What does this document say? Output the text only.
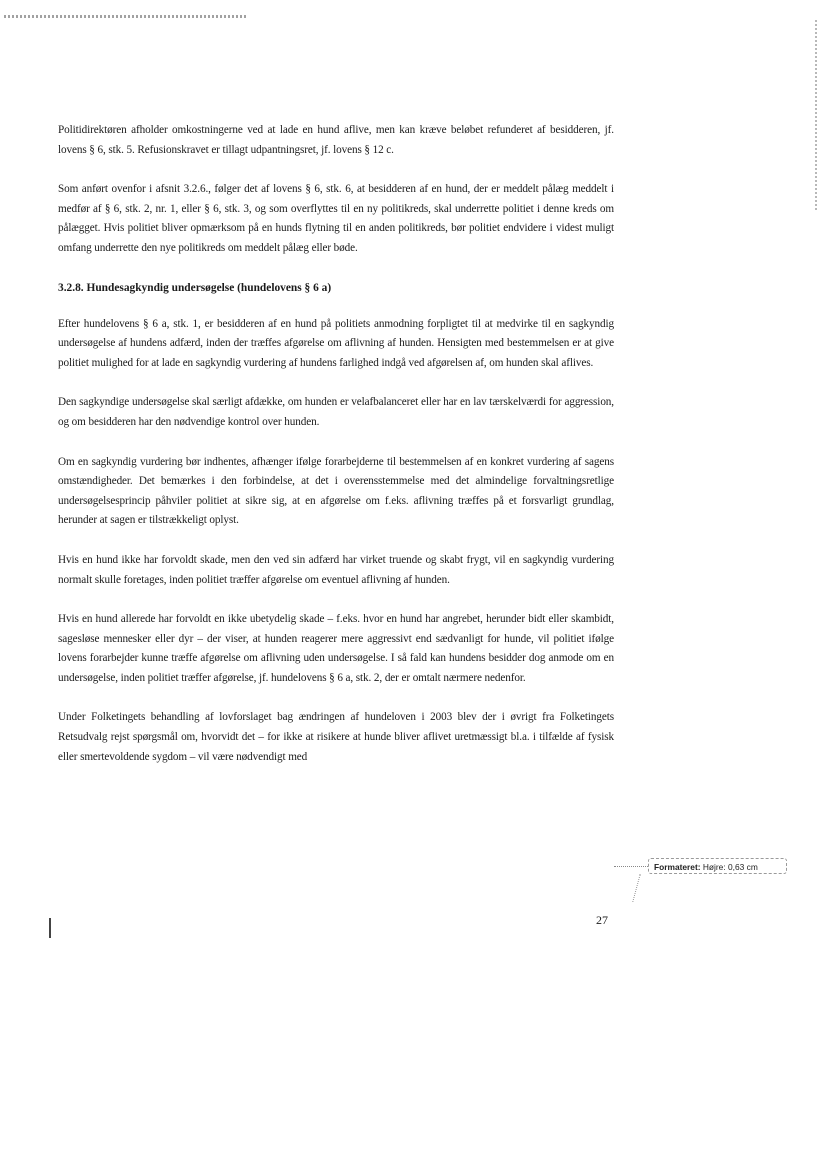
Politidirektøren afholder omkostningerne ved at lade en hund aflive, men kan kræve beløbet refunderet af besidderen, jf. lovens § 6, stk. 5. Refusionskravet er tillagt udpantningsret, jf. lovens § 12 c.

Som anført ovenfor i afsnit 3.2.6., følger det af lovens § 6, stk. 6, at besidderen af en hund, der er meddelt pålæg meddelt i medfør af § 6, stk. 2, nr. 1, eller § 6, stk. 3, og som overflyttes til en ny politikreds, skal underrette politiet i denne kreds om pålægget. Hvis politiet bliver opmærksom på en hunds flytning til en anden politikreds, bør politiet endvidere i videst muligt omfang underrette den nye politikreds om meddelt pålæg eller bøde.

3.2.8. Hundesagkyndig undersøgelse (hundelovens § 6 a)

Efter hundelovens § 6 a, stk. 1, er besidderen af en hund på politiets anmodning forpligtet til at medvirke til en sagkyndig undersøgelse af hundens adfærd, inden der træffes afgørelse om aflivning af hunden. Hensigten med bestemmelsen er at give politiet mulighed for at lade en sagkyndig vurdering af hundens farlighed indgå ved afgørelsen af, om hunden skal aflives.

Den sagkyndige undersøgelse skal særligt afdække, om hunden er velafbalanceret eller har en lav tærskelværdi for aggression, og om besidderen har den nødvendige kontrol over hunden.

Om en sagkyndig vurdering bør indhentes, afhænger ifølge forarbejderne til bestemmelsen af en konkret vurdering af sagens omstændigheder. Det bemærkes i den forbindelse, at det i overensstemmelse med det almindelige forvaltningsretlige undersøgelsesprincip påhviler politiet at sikre sig, at en afgørelse om f.eks. aflivning træffes på et forsvarligt grundlag, herunder at sagen er tilstrækkeligt oplyst.

Hvis en hund ikke har forvoldt skade, men den ved sin adfærd har virket truende og skabt frygt, vil en sagkyndig vurdering normalt skulle foretages, inden politiet træffer afgørelse om eventuel aflivning af hunden.

Hvis en hund allerede har forvoldt en ikke ubetydelig skade – f.eks. hvor en hund har angrebet, herunder bidt eller skambidt, sagesløse mennesker eller dyr – der viser, at hunden reagerer mere aggressivt end sædvanligt for hunde, vil politiet ifølge lovens forarbejder kunne træffe afgørelse om aflivning uden undersøgelse. I så fald kan hundens besidder dog anmode om en undersøgelse, inden politiet træffer afgørelse, jf. hundelovens § 6 a, stk. 2, der er omtalt nærmere nedenfor.

Under Folketingets behandling af lovforslaget bag ændringen af hundeloven i 2003 blev der i øvrigt fra Folketingets Retsudvalg rejst spørgsmål om, hvorvidt det – for ikke at risikere at hunde bliver aflivet uretmæssigt bl.a. i tilfælde af fysisk eller smertevoldende sygdom – vil være nødvendigt med

Formateret: Højre: 0,63 cm
27
